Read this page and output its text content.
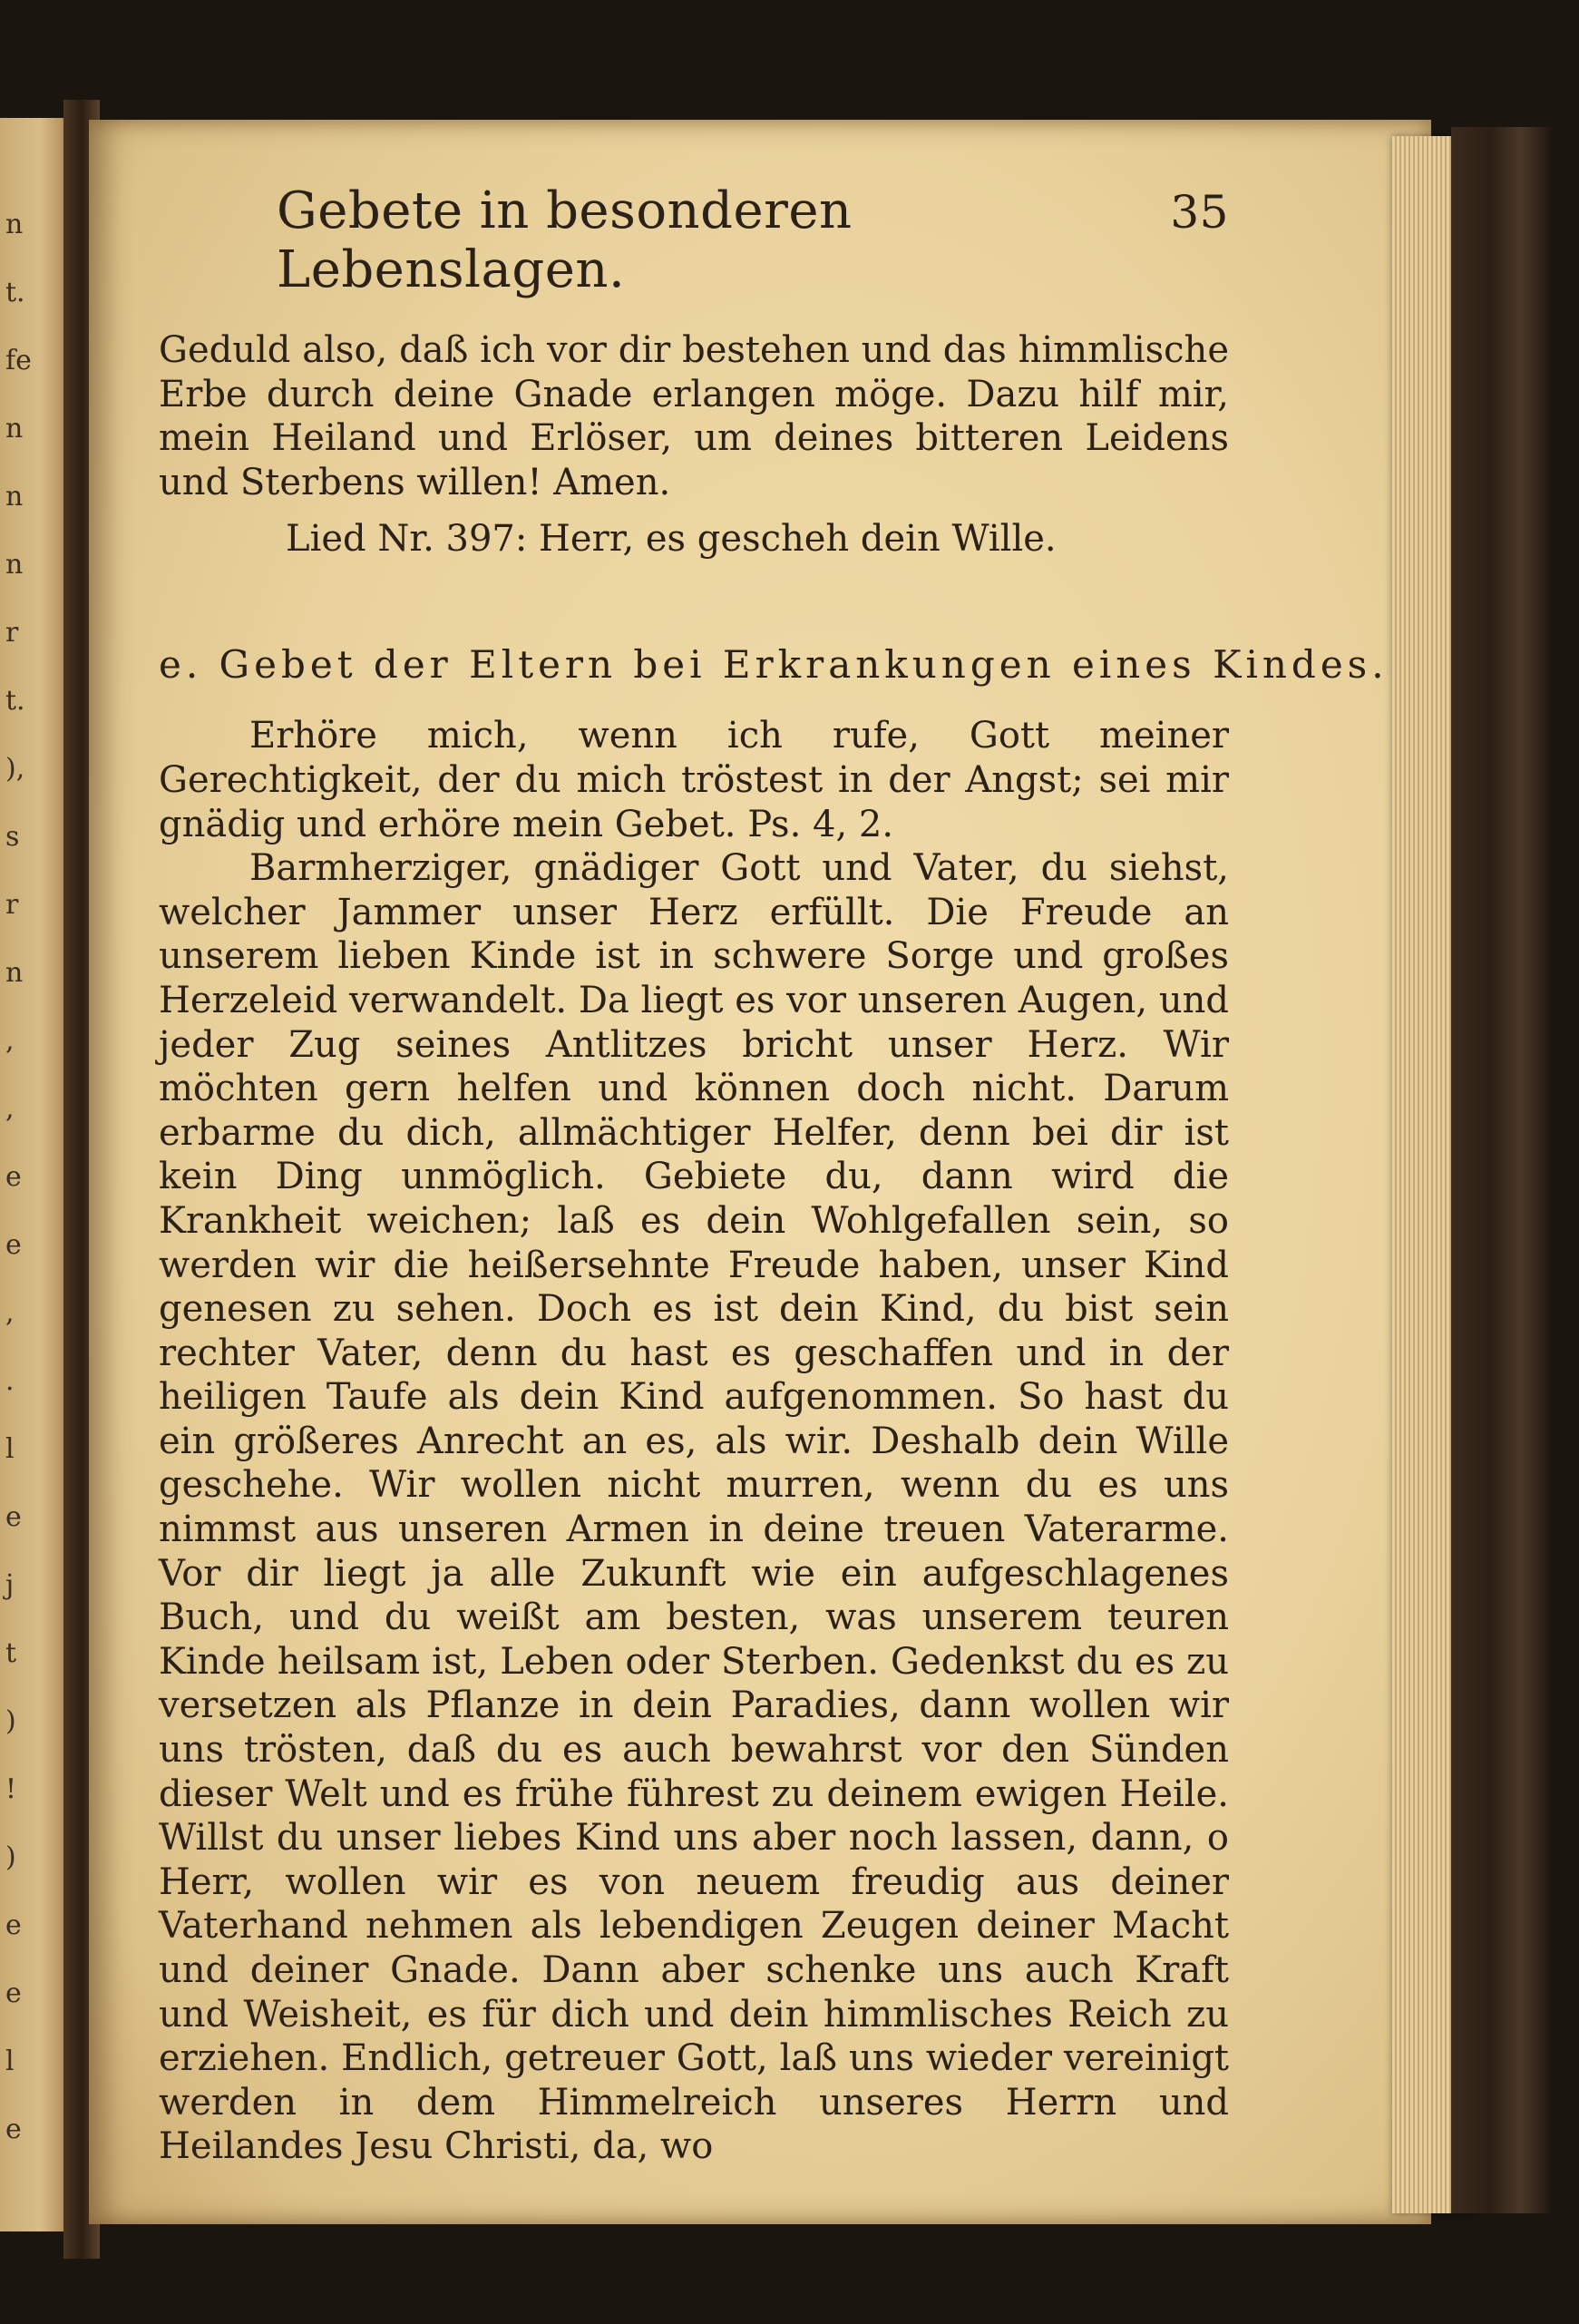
n
t.
fe
n
n
n
r
t.
),
s
r
n
,
,
e
e
,
.
l
e
j
t
)
!
)
e
e
l
e
Gebete in besonderen Lebenslagen.
35

Geduld also, daß ich vor dir bestehen und das himmlische Erbe durch deine Gnade erlangen möge. Dazu hilf mir, mein Heiland und Erlöser, um deines bitteren Leidens und Sterbens willen! Amen.

Lied Nr. 397: Herr, es gescheh dein Wille.
e. Gebet der Eltern bei Erkrankungen eines Kindes.

Erhöre mich, wenn ich rufe, Gott meiner Gerechtigkeit, der du mich tröstest in der Angst; sei mir gnädig und erhöre mein Gebet. Ps. 4, 2.

Barmherziger, gnädiger Gott und Vater, du siehst, welcher Jammer unser Herz erfüllt. Die Freude an unserem lieben Kinde ist in schwere Sorge und großes Herzeleid verwandelt. Da liegt es vor unseren Augen, und jeder Zug seines Antlitzes bricht unser Herz. Wir möchten gern helfen und können doch nicht. Darum erbarme du dich, allmächtiger Helfer, denn bei dir ist kein Ding unmöglich. Gebiete du, dann wird die Krankheit weichen; laß es dein Wohlgefallen sein, so werden wir die heißersehnte Freude haben, unser Kind genesen zu sehen. Doch es ist dein Kind, du bist sein rechter Vater, denn du hast es geschaffen und in der heiligen Taufe als dein Kind aufgenommen. So hast du ein größeres Anrecht an es, als wir. Deshalb dein Wille geschehe. Wir wollen nicht murren, wenn du es uns nimmst aus unseren Armen in deine treuen Vaterarme. Vor dir liegt ja alle Zukunft wie ein aufgeschlagenes Buch, und du weißt am besten, was unserem teuren Kinde heilsam ist, Leben oder Sterben. Gedenkst du es zu versetzen als Pflanze in dein Paradies, dann wollen wir uns trösten, daß du es auch bewahrst vor den Sünden dieser Welt und es frühe führest zu deinem ewigen Heile. Willst du unser liebes Kind uns aber noch lassen, dann, o Herr, wollen wir es von neuem freudig aus deiner Vaterhand nehmen als lebendigen Zeugen deiner Macht und deiner Gnade. Dann aber schenke uns auch Kraft und Weisheit, es für dich und dein himmlisches Reich zu erziehen. Endlich, getreuer Gott, laß uns wieder vereinigt werden in dem Himmelreich unseres Herrn und Heilandes Jesu Christi, da, wo
